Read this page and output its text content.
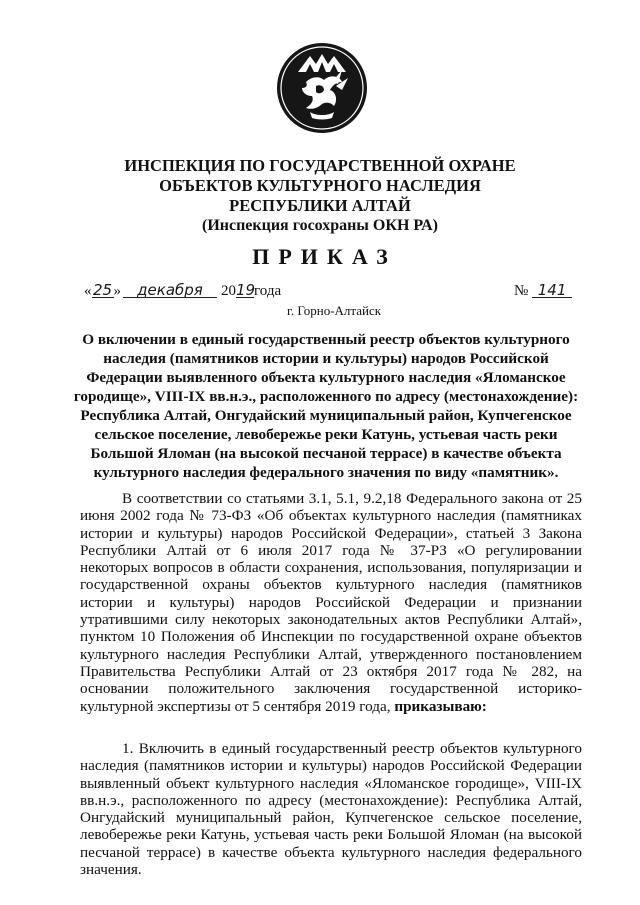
ИНСПЕКЦИЯ ПО ГОСУДАРСТВЕННОЙ ОХРАНЕ
ОБЪЕКТОВ КУЛЬТУРНОГО НАСЛЕДИЯ
РЕСПУБЛИКИ АЛТАЙ
(Инспекция госохраны ОКН РА)
ПРИКАЗ
«25» декабря 2019года	№ 141
г. Горно-Алтайск
О включении в единый государственный реестр объектов культурного
наследия (памятников истории и культуры) народов Российской
Федерации выявленного объекта культурного наследия «Яломанское
городище», VIII-IX вв.н.э., расположенного по адресу (местонахождение):
Республика Алтай, Онгудайский муниципальный район, Купчегенское
сельское поселение, левобережье реки Катунь, устьевая часть реки
Большой Яломан (на высокой песчаной террасе) в качестве объекта
культурного наследия федерального значения по виду «памятник».
В соответствии со статьями 3.1, 5.1, 9.2,18 Федерального закона от 25
июня 2002 года № 73-ФЗ «Об объектах культурного наследия (памятниках
истории и культуры) народов Российской Федерации», статьей 3 Закона
Республики Алтай от 6 июля 2017 года № 37-РЗ «О регулировании
некоторых вопросов в области сохранения, использования, популяризации и
государственной охраны объектов культурного наследия (памятников
истории и культуры) народов Российской Федерации и признании
утратившими силу некоторых законодательных актов Республики Алтай»,
пунктом 10 Положения об Инспекции по государственной охране объектов
культурного наследия Республики Алтай, утвержденного постановлением
Правительства Республики Алтай от 23 октября 2017 года № 282, на
основании положительного заключения государственной историко-
культурной экспертизы от 5 сентября 2019 года, приказываю:
1. Включить в единый государственный реестр объектов культурного
наследия (памятников истории и культуры) народов Российской Федерации
выявленный объект культурного наследия «Яломанское городище», VIII-IX
вв.н.э., расположенного по адресу (местонахождение): Республика Алтай,
Онгудайский муниципальный район, Купчегенское сельское поселение,
левобережье реки Катунь, устьевая часть реки Большой Яломан (на высокой
песчаной террасе) в качестве объекта культурного наследия федерального
значения.
